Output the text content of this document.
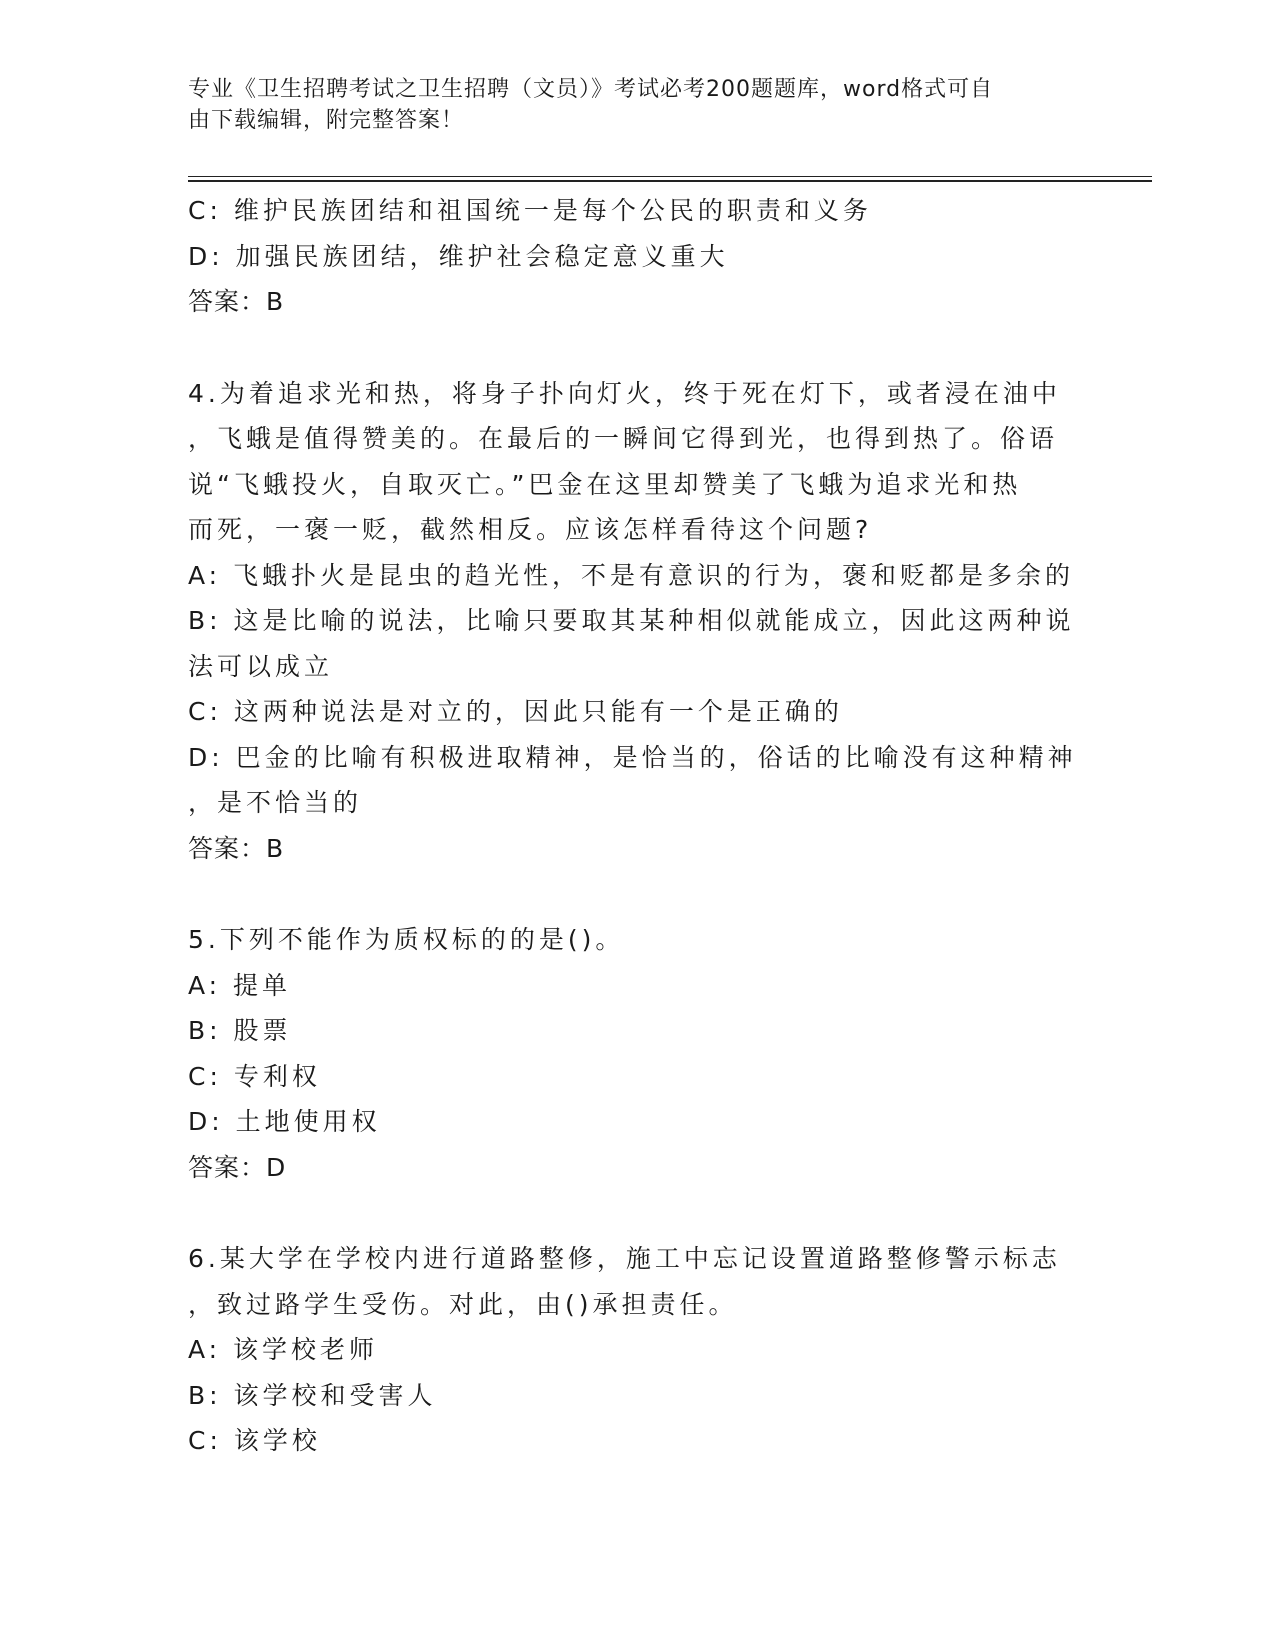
专业《卫生招聘考试之卫生招聘（文员）》考试必考200题题库，word格式可自
由下载编辑，附完整答案！
C: 维护民族团结和祖国统一是每个公民的职责和义务
D: 加强民族团结，维护社会稳定意义重大
答案：B
4.为着追求光和热，将身子扑向灯火，终于死在灯下，或者浸在油中
，飞蛾是值得赞美的。在最后的一瞬间它得到光，也得到热了。俗语
说“飞蛾投火，自取灭亡。”巴金在这里却赞美了飞蛾为追求光和热
而死，一褒一贬，截然相反。应该怎样看待这个问题?
A: 飞蛾扑火是昆虫的趋光性，不是有意识的行为，褒和贬都是多余的
B: 这是比喻的说法，比喻只要取其某种相似就能成立，因此这两种说
法可以成立
C: 这两种说法是对立的，因此只能有一个是正确的
D: 巴金的比喻有积极进取精神，是恰当的，俗话的比喻没有这种精神
，是不恰当的
答案：B
5.下列不能作为质权标的的是()。
A: 提单
B: 股票
C: 专利权
D: 土地使用权
答案：D
6.某大学在学校内进行道路整修，施工中忘记设置道路整修警示标志
，致过路学生受伤。对此，由()承担责任。
A: 该学校老师
B: 该学校和受害人
C: 该学校
